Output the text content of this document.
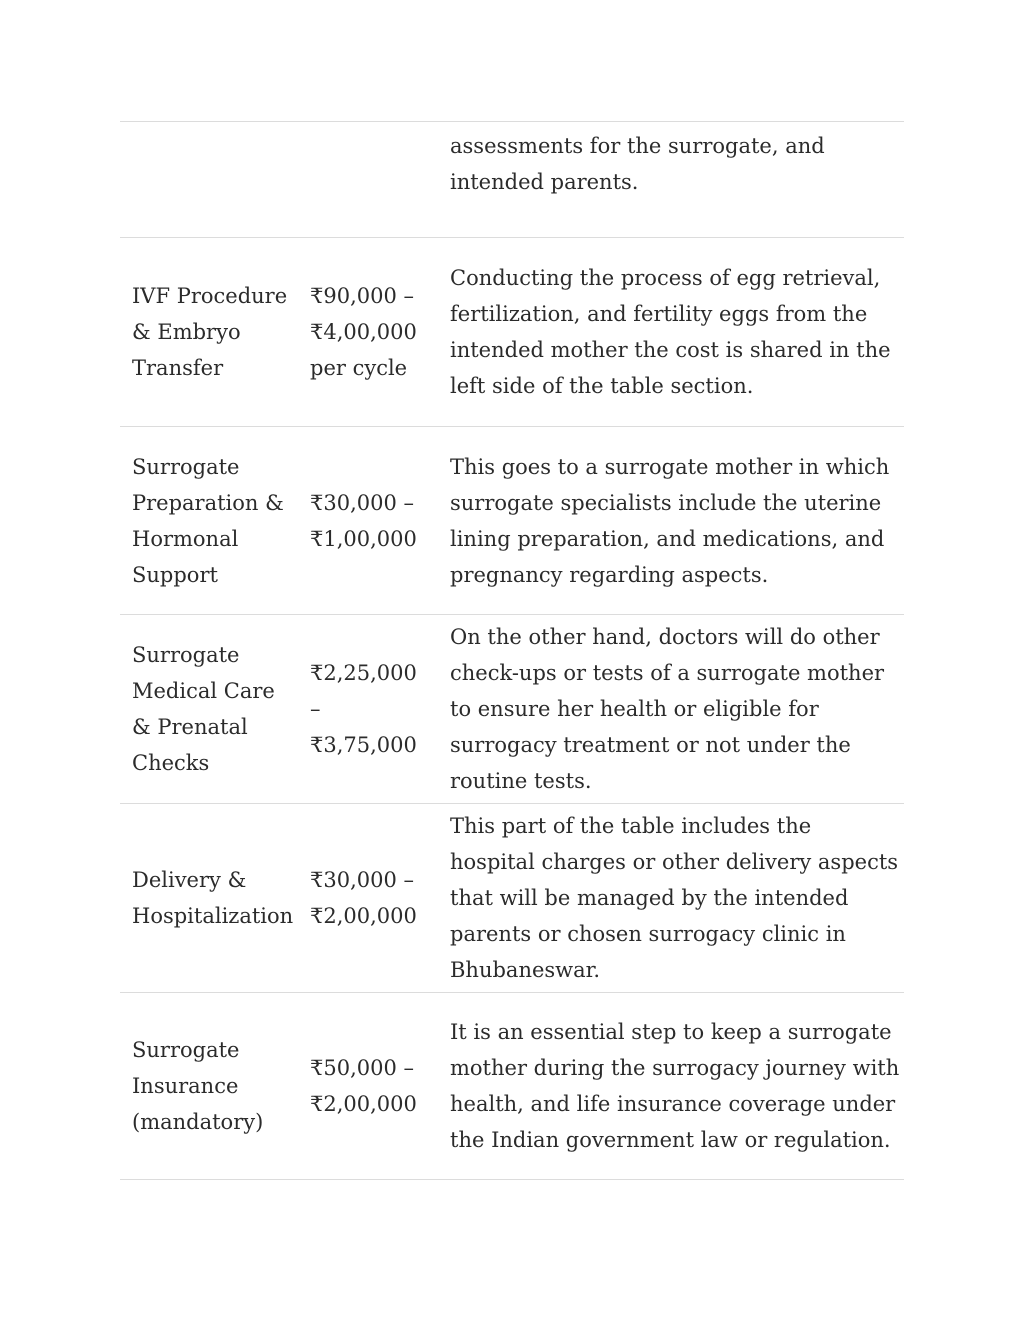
assessments for the surrogate, and intended parents.
IVF Procedure & Embryo Transfer
₹90,000 – ₹4,00,000 per cycle
Conducting the process of egg retrieval, fertilization, and fertility eggs from the intended mother the cost is shared in the left side of the table section.
Surrogate Preparation & Hormonal Support
₹30,000 – ₹1,00,000
This goes to a surrogate mother in which surrogate specialists include the uterine lining preparation, and medications, and pregnancy regarding aspects.
Surrogate Medical Care & Prenatal Checks
₹2,25,000 – ₹3,75,000
On the other hand, doctors will do other check-ups or tests of a surrogate mother to ensure her health or eligible for surrogacy treatment or not under the routine tests.
Delivery & Hospitalization
₹30,000 – ₹2,00,000
This part of the table includes the hospital charges or other delivery aspects that will be managed by the intended parents or chosen surrogacy clinic in Bhubaneswar.
Surrogate Insurance (mandatory)
₹50,000 – ₹2,00,000
It is an essential step to keep a surrogate mother during the surrogacy journey with health, and life insurance coverage under the Indian government law or regulation.
